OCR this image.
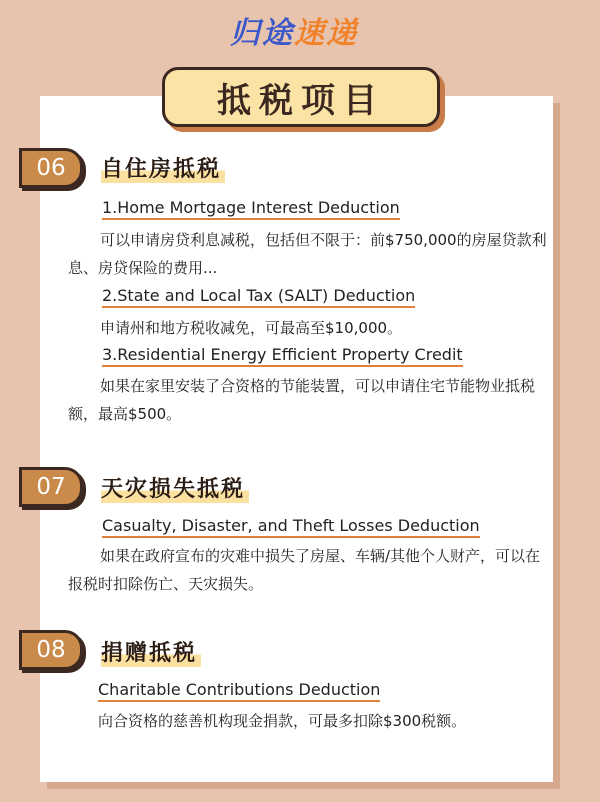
归途速递
抵税项目
06 自住房抵税
1.Home Mortgage Interest Deduction
可以申请房贷利息减税，包括但不限于：前$750,000的房屋贷款利息、房贷保险的费用...
2.State and Local Tax (SALT) Deduction
申请州和地方税收减免，可最高至$10,000。
3.Residential Energy Efficient Property Credit
如果在家里安装了合资格的节能装置，可以申请住宅节能物业抵税额，最高$500。
07 天灾损失抵税
Casualty, Disaster, and Theft Losses Deduction
如果在政府宣布的灾难中损失了房屋、车辆/其他个人财产，可以在报税时扣除伤亡、天灾损失。
08 捐赠抵税
Charitable Contributions Deduction
向合资格的慈善机构现金捐款，可最多扣除$300税额。
